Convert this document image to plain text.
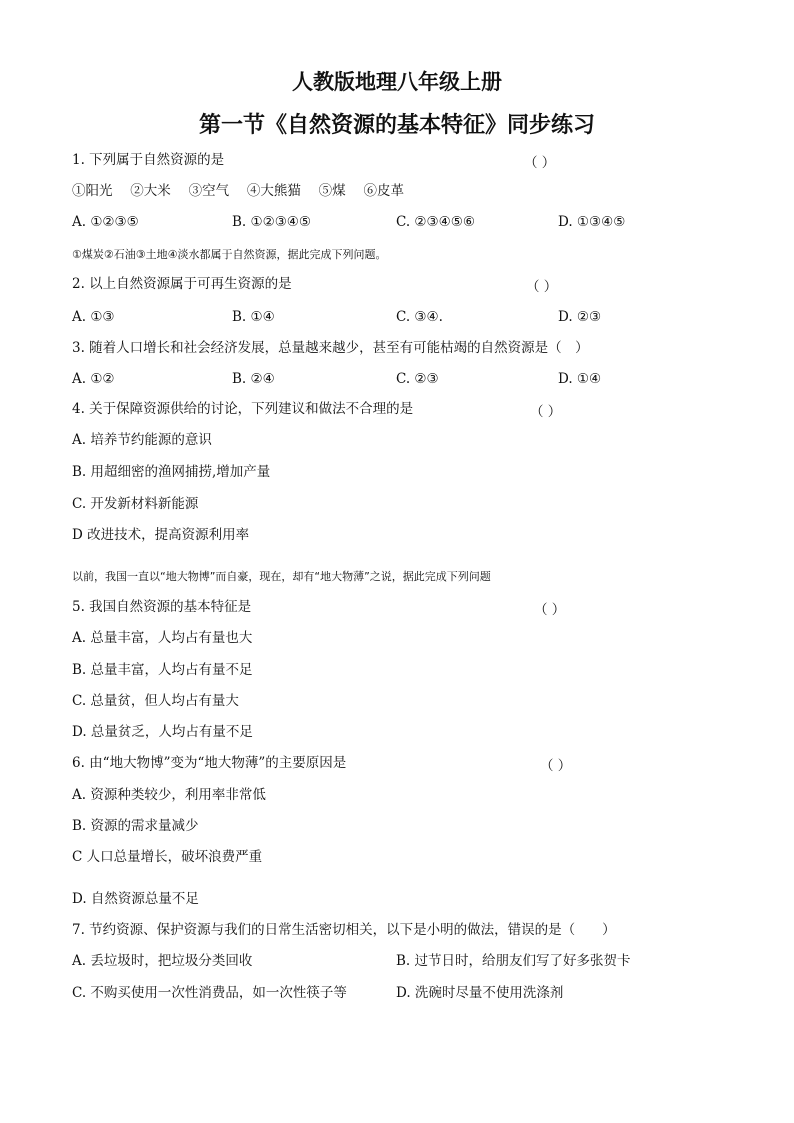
人教版地理八年级上册
第一节《自然资源的基本特征》同步练习
1. 下列属于自然资源的是	（ ）
①阳光　 ②大米　 ③空气　 ④大熊猫　 ⑤煤　 ⑥皮革
A. ①②③⑤	B. ①②③④⑤	C. ②③④⑤⑥	D. ①③④⑤
①煤炭②石油③土地④淡水都属于自然资源，据此完成下列问题。
2. 以上自然资源属于可再生资源的是	（ ）
A. ①③	B. ①④	C. ③④.	D. ②③
3. 随着人口增长和社会经济发展，总量越来越少，甚至有可能枯竭的自然资源是（　）
A. ①②	B. ②④	C. ②③	D. ①④
4. 关于保障资源供给的讨论，下列建议和做法不合理的是	（ ）
A. 培养节约能源的意识
B. 用超细密的渔网捕捞,增加产量
C. 开发新材料新能源
D 改进技术，提高资源利用率
以前，我国一直以“地大物博”而自豪，现在，却有“地大物薄”之说，据此完成下列问题
5. 我国自然资源的基本特征是	（ ）
A. 总量丰富，人均占有量也大
B. 总量丰富，人均占有量不足
C. 总量贫，但人均占有量大
D. 总量贫乏，人均占有量不足
6. 由“地大物博”变为“地大物薄”的主要原因是	（ ）
A. 资源种类较少，利用率非常低
B. 资源的需求量减少
C 人口总量增长，破坏浪费严重
D. 自然资源总量不足
7. 节约资源、保护资源与我们的日常生活密切相关，以下是小明的做法，错误的是（　　）
A. 丢垃圾时，把垃圾分类回收	B. 过节日时，给朋友们写了好多张贺卡
C. 不购买使用一次性消费品，如一次性筷子等	D. 洗碗时尽量不使用洗涤剂
